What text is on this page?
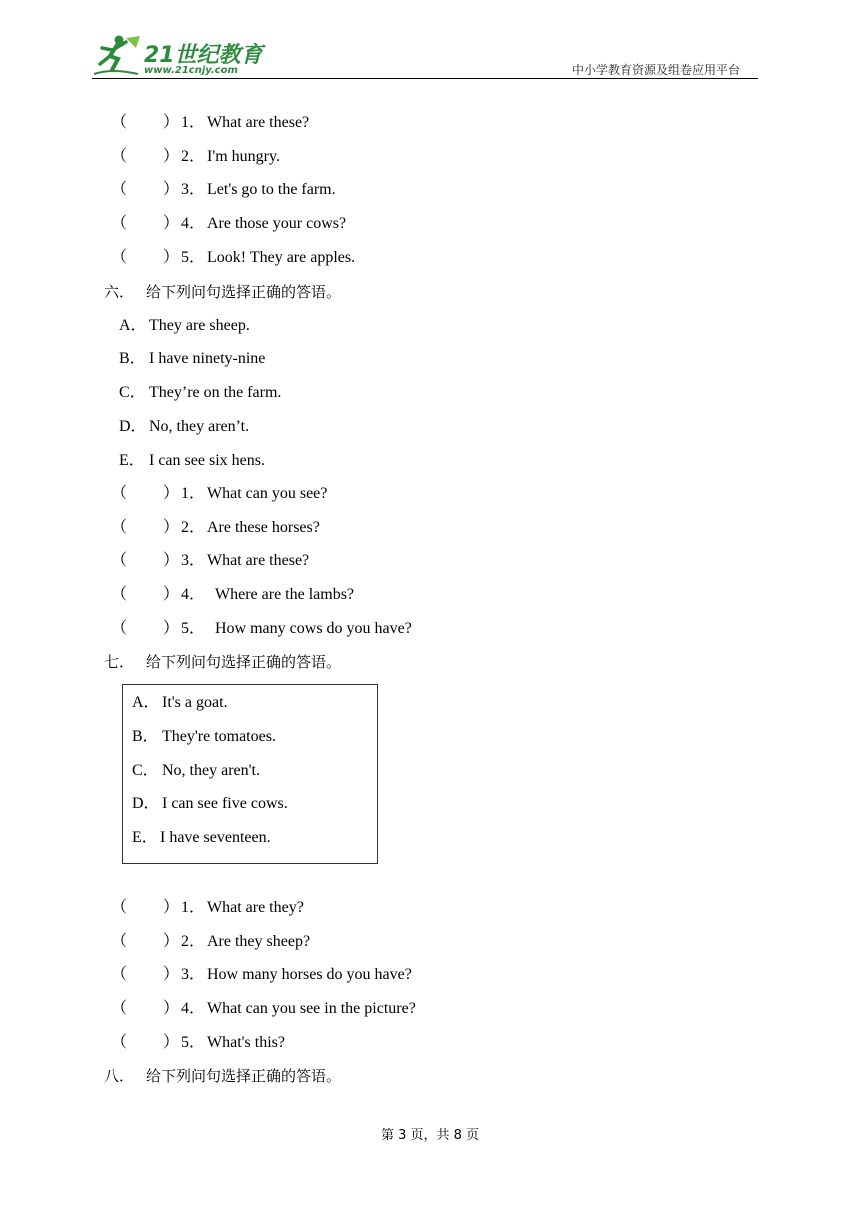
21世纪教育
www.21cnjy.com	中小学教育资源及组卷应用平台
（ ） 1． What are these?
（ ） 2． I'm hungry.
（ ） 3． Let's go to the farm.
（ ） 4． Are those your cows?
（ ） 5． Look! They are apples.
六． 给下列问句选择正确的答语。
A． They are sheep.
B． I have ninety-nine
C． They’re on the farm.
D． No, they aren’t.
E． I can see six hens.
（ ） 1． What can you see?
（ ） 2． Are these horses?
（ ） 3． What are these?
（ ） 4． Where are the lambs?
（ ） 5． How many cows do you have?
七． 给下列问句选择正确的答语。
A． It's a goat.
B． They're tomatoes.
C． No, they aren't.
D． I can see five cows.
E． I have seventeen.
（ ） 1． What are they?
（ ） 2． Are they sheep?
（ ） 3． How many horses do you have?
（ ） 4． What can you see in the picture?
（ ） 5． What's this?
八． 给下列问句选择正确的答语。
第 3 页，共 8 页
